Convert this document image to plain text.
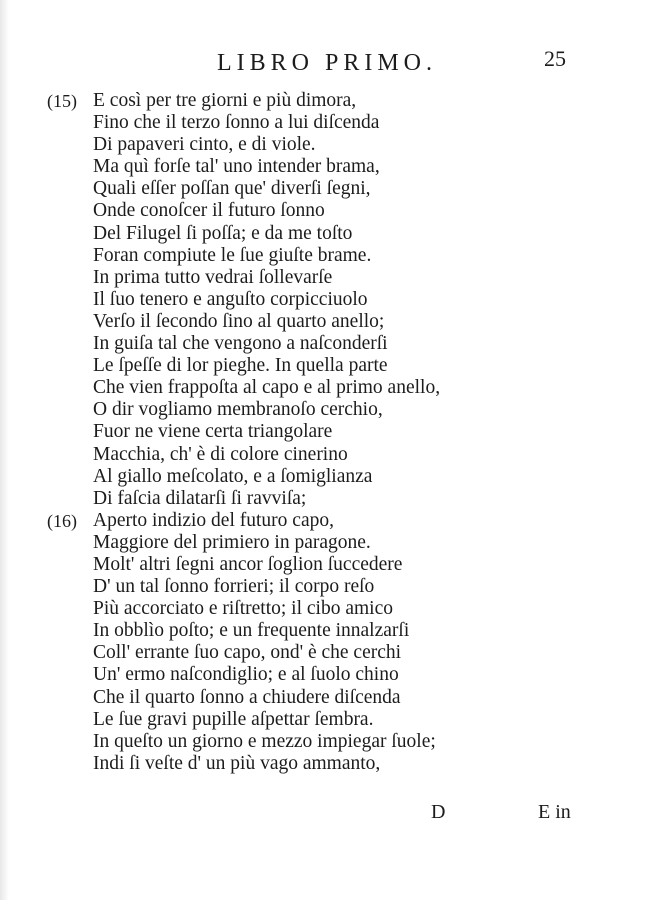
LIBRO PRIMO.	25
(15) E così per tre giorni e più dimora,
Fino che il terzo ſonno a lui diſcenda
Di papaveri cinto, e di viole.
Ma quì forſe tal' uno intender brama,
Quali eſſer poſſan que' diverſi ſegni,
Onde conoſcer il futuro ſonno
Del Filugel ſi poſſa; e da me toſto
Foran compiute le ſue giuſte brame.
In prima tutto vedrai ſollevarſe
Il ſuo tenero e anguſto corpicciuolo
Verſo il ſecondo ſino al quarto anello;
In guiſa tal che vengono a naſconderſi
Le ſpeſſe di lor pieghe. In quella parte
Che vien frappoſta al capo e al primo anello,
O dir vogliamo membranoſo cerchio,
Fuor ne viene certa triangolare
Macchia, ch' è di colore cinerino
Al giallo meſcolato, e a ſomiglianza
Di faſcia dilatarſi ſi ravviſa;
(16) Aperto indizio del futuro capo,
Maggiore del primiero in paragone.
Molt' altri ſegni ancor ſoglion ſuccedere
D' un tal ſonno forrieri; il corpo reſo
Più accorciato e riſtretto; il cibo amico
In obblìo poſto; e un frequente innalzarſi
Coll' errante ſuo capo, ond' è che cerchi
Un' ermo naſcondiglio; e al ſuolo chino
Che il quarto ſonno a chiudere diſcenda
Le ſue gravi pupille aſpettar ſembra.
In queſto un giorno e mezzo impiegar ſuole;
Indi ſi veſte d' un più vago ammanto,
D	E in
